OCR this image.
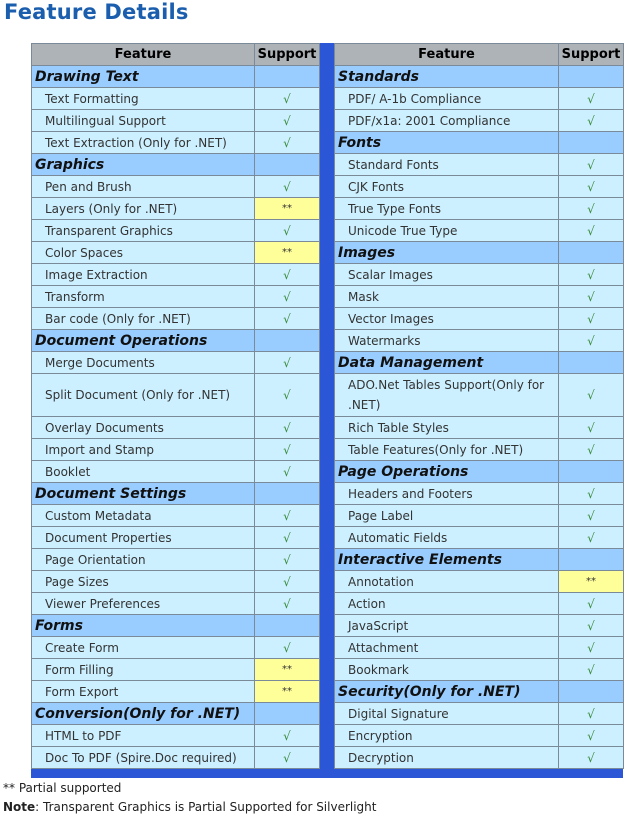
Feature Details
Feature	Support
Drawing Text	
Text Formatting	√
Multilingual Support	√
Text Extraction (Only for .NET)	√
Graphics	
Pen and Brush	√
Layers (Only for .NET)	**
Transparent Graphics	√
Color Spaces	**
Image Extraction	√
Transform	√
Bar code (Only for .NET)	√
Document Operations	
Merge Documents	√

Split Document (Only for .NET)	√
Overlay Documents	√
Import and Stamp	√
Booklet	√
Document Settings	
Custom Metadata	√
Document Properties	√
Page Orientation	√
Page Sizes	√
Viewer Preferences	√
Forms	
Create Form	√
Form Filling	**
Form Export	**
Conversion(Only for .NET)	
HTML to PDF	√
Doc To PDF (Spire.Doc required)	√
Feature	Support
Standards	
PDF/ A-1b Compliance	√
PDF/x1a: 2001 Compliance	√
Fonts	
Standard Fonts	√
CJK Fonts	√
True Type Fonts	√
Unicode True Type	√
Images	
Scalar Images	√
Mask	√
Vector Images	√
Watermarks	√
Data Management	

ADO.Net Tables Support(Only for .NET)	√
Rich Table Styles	√
Table Features(Only for .NET)	√
Page Operations	
Headers and Footers	√
Page Label	√
Automatic Fields	√
Interactive Elements	
Annotation	**
Action	√
JavaScript	√
Attachment	√
Bookmark	√
Security(Only for .NET)	
Digital Signature	√
Encryption	√
Decryption	√
** Partial supported
Note: Transparent Graphics is Partial Supported for Silverlight
